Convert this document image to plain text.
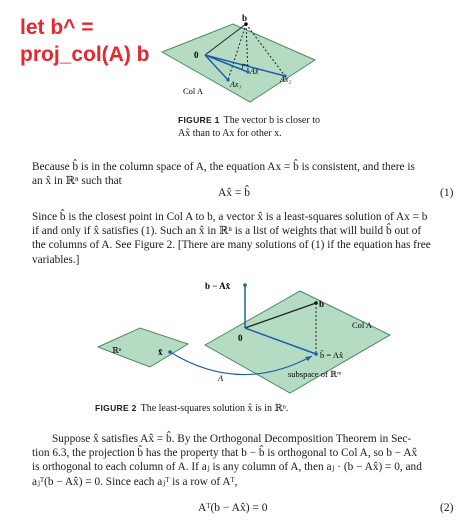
let b^ =
proj_col(A) b
b
0
Ax̂
Ax₁
Ax₂
Col A
FIGURE 1 The vector b is closer to
Ax̂ than to Ax for other x.
Because b̂ is in the column space of A, the equation Ax = b̂ is consistent, and there is
an x̂ in ℝⁿ such that
Ax̂ = b̂	(1)
Since b̂ is the closest point in Col A to b, a vector x̂ is a least-squares solution of Ax = b
if and only if x̂ satisfies (1). Such an x̂ in ℝⁿ is a list of weights that will build b̂ out of
the columns of A. See Figure 2. [There are many solutions of (1) if the equation has free
variables.]
b − Ax̂
b
0
Col A
ℝⁿ	x̂	b̂ = Ax̂
A	subspace of ℝᵐ
FIGURE 2 The least-squares solution x̂ is in ℝⁿ.
Suppose x̂ satisfies Ax̂ = b̂. By the Orthogonal Decomposition Theorem in Sec-
tion 6.3, the projection b̂ has the property that b − b̂ is orthogonal to Col A, so b − Ax̂
is orthogonal to each column of A. If aⱼ is any column of A, then aⱼ · (b − Ax̂) = 0, and
aⱼᵀ(b − Ax̂) = 0. Since each aⱼᵀ is a row of Aᵀ,
Aᵀ(b − Ax̂) = 0	(2)
